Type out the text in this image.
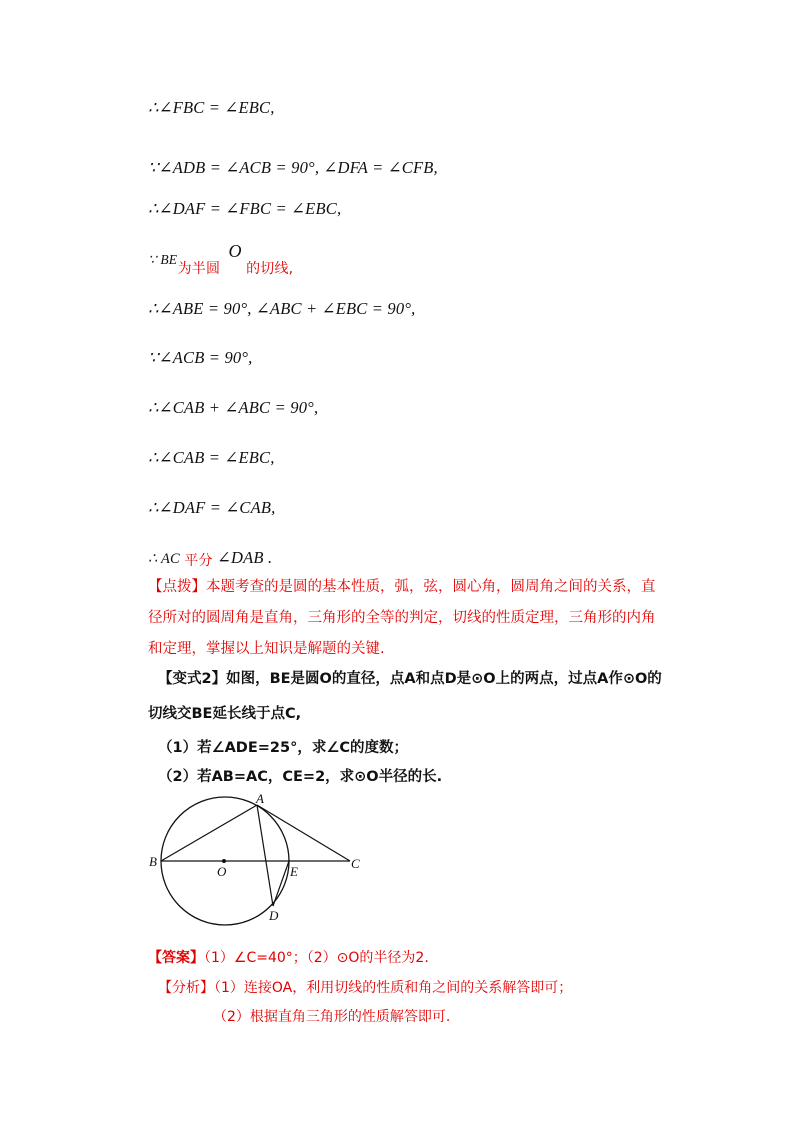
∴∠FBC = ∠EBC,
∵∠ADB = ∠ACB = 90°, ∠DFA = ∠CFB,
∴∠DAF = ∠FBC = ∠EBC,
∵ BE $_{为半圆}$ O $_{的切线,}$
∴∠ABE = 90°, ∠ABC + ∠EBC = 90°,
∵∠ACB = 90°,
∴∠CAB + ∠ABC = 90°,
∴∠CAB = ∠EBC,
∴∠DAF = ∠CAB,
∴ AC 平分 ∠DAB .
【点拨】本题考查的是圆的基本性质，弧，弦，圆心角，圆周角之间的关系，直径所对的圆周角是直角，三角形的全等的判定，切线的性质定理，三角形的内角和定理，掌握以上知识是解题的关键.
【变式2】如图，BE是圆O的直径，点A和点D是⊙O上的两点，过点A作⊙O的
切线交BE延长线于点C,
（1）若∠ADE=25°，求∠C的度数；
（2）若AB=AC，CE=2，求⊙O半径的长.
A
B	C
D
E
O
【答案】（1）∠C=40°；（2）⊙O的半径为2.
【分析】（1）连接OA，利用切线的性质和角之间的关系解答即可；
（2）根据直角三角形的性质解答即可.
